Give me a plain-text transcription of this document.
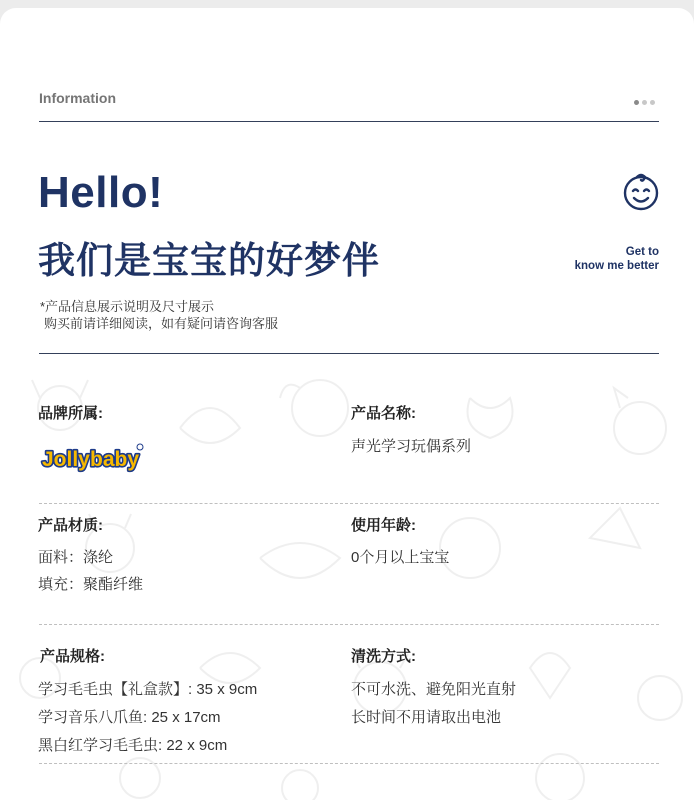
Information
Hello!
我们是宝宝的好梦伴	Get to
know me better
*产品信息展示说明及尺寸展示
购买前请详细阅读，如有疑问请咨询客服
品牌所属:
Jolly baby
产品名称:
声光学习玩偶系列
产品材质:
面料：涤纶
填充：聚酯纤维
使用年龄:
0个月以上宝宝
产品规格:
学习毛毛虫【礼盒款】: 35 x 9cm
学习音乐八爪鱼: 25 x 17cm
黑白红学习毛毛虫: 22 x 9cm
清洗方式:
不可水洗、避免阳光直射
长时间不用请取出电池
